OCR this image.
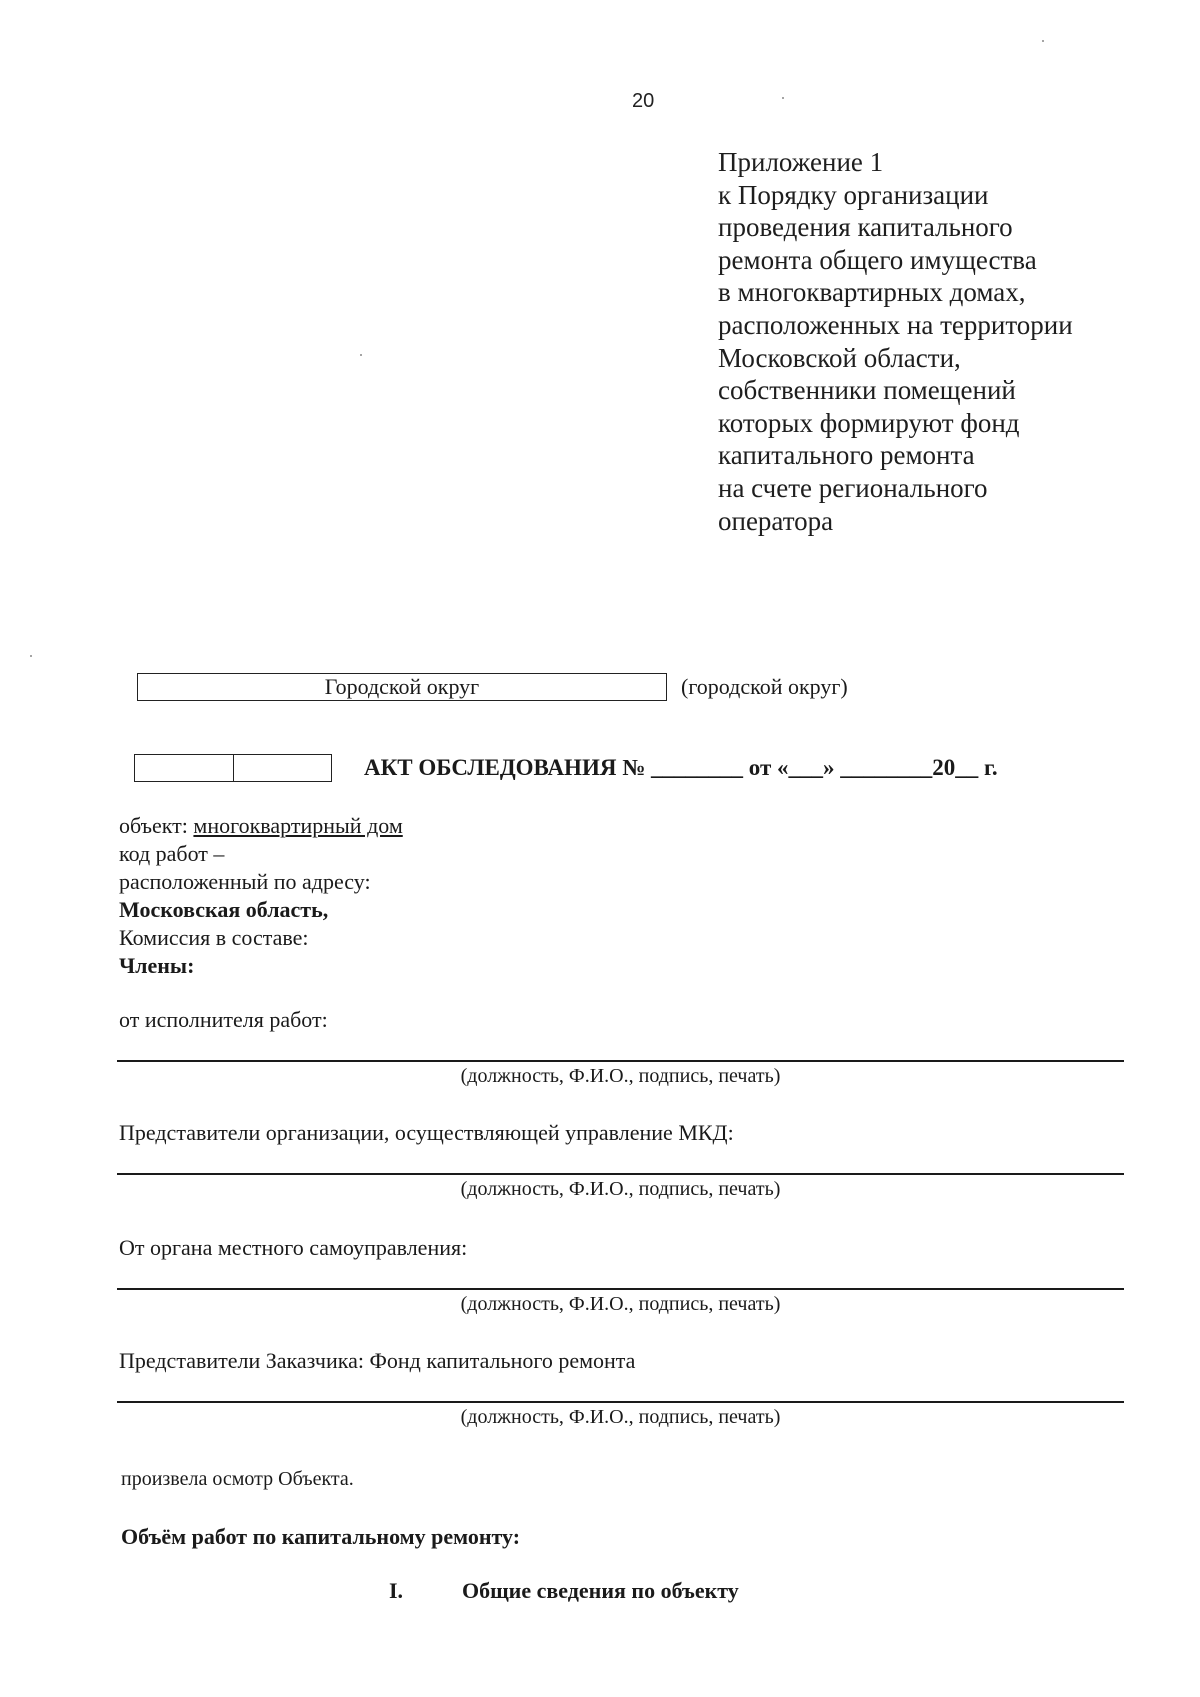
20
Приложение 1
к Порядку организации
проведения капитального
ремонта общего имущества
в многоквартирных домах,
расположенных на территории
Московской области,
собственники помещений
которых формируют фонд
капитального ремонта
на счете регионального
оператора
Городской округ	(городской округ)
АКТ ОБСЛЕДОВАНИЯ № ________ от «___» ________20__ г.
объект: многоквартирный дом
код работ –
расположенный по адресу:
Московская область,
Комиссия в составе:
Члены:
от исполнителя работ:
(должность, Ф.И.О., подпись, печать)
Представители организации, осуществляющей управление МКД:
(должность, Ф.И.О., подпись, печать)
От органа местного самоуправления:
(должность, Ф.И.О., подпись, печать)
Представители Заказчика: Фонд капитального ремонта
(должность, Ф.И.О., подпись, печать)
произвела осмотр Объекта.
Объём работ по капитальному ремонту:
I.	Общие сведения по объекту
